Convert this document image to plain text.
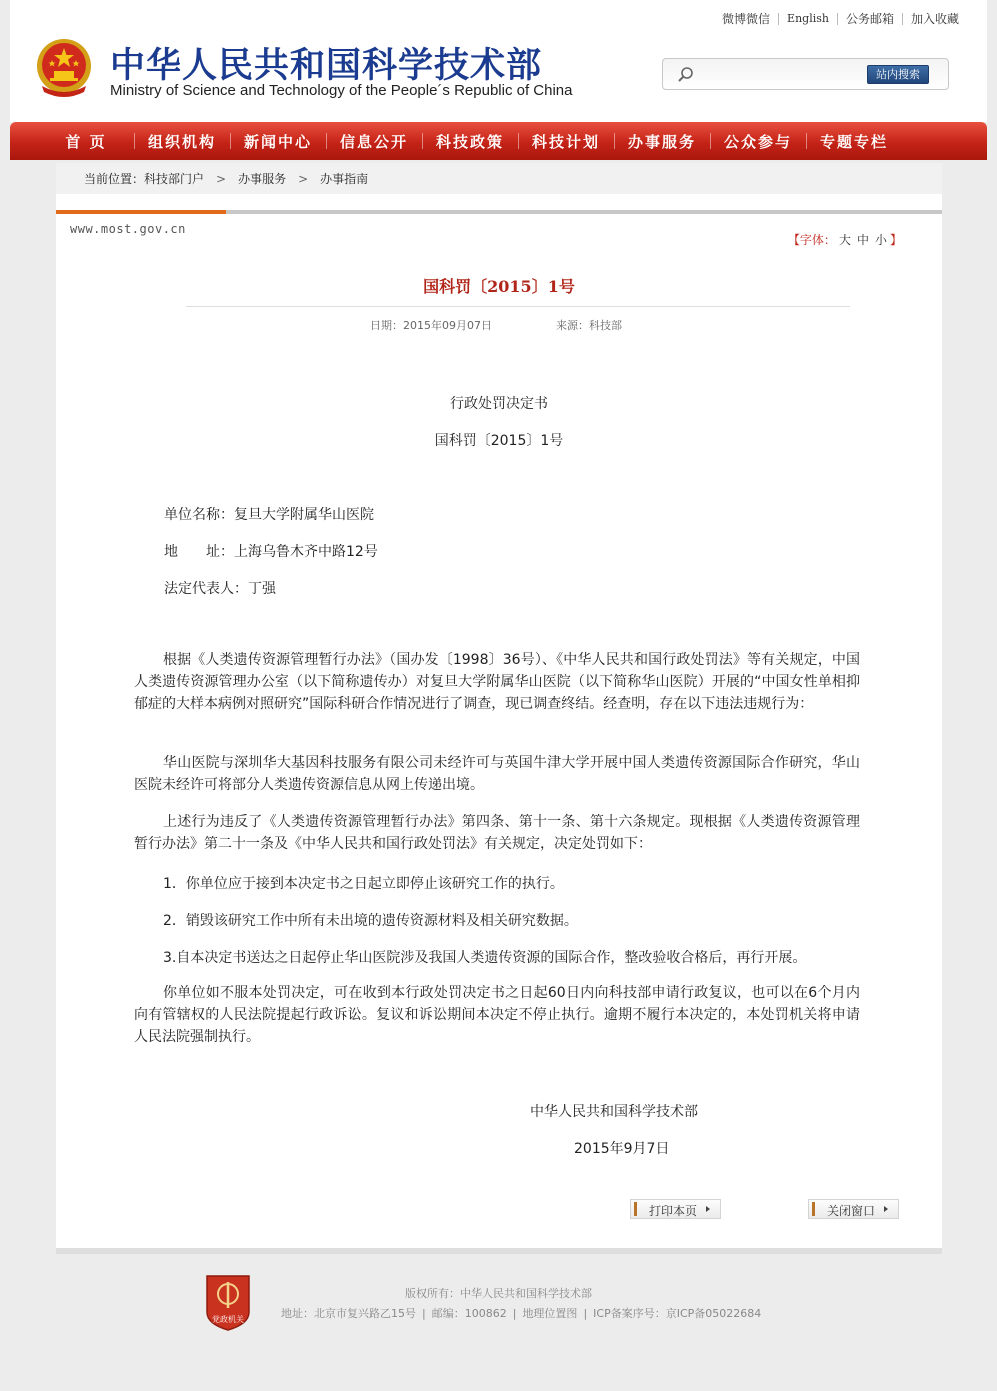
微博微信	English	公务邮箱	加入收藏
中华人民共和国科学技术部
Ministry of Science and Technology of the People´s Republic of China
站内搜索
首 页	组织机构	新闻中心	信息公开	科技政策	科技计划	办事服务	公众参与	专题专栏
当前位置： 科技部门户 > 办事服务 > 办事指南
www.most.gov.cn
【字体： 大 中 小 】
国科罚〔2015〕1号
日期：2015年09月07日	来源：科技部
行政处罚决定书
国科罚〔2015〕1号
单位名称：复旦大学附属华山医院
地　　址：上海乌鲁木齐中路12号
法定代表人：丁强

根据《人类遗传资源管理暂行办法》（国办发〔1998〕36号）、《中华人民共和国行政处罚法》等有关规定，中国人类遗传资源管理办公室（以下简称遗传办）对复旦大学附属华山医院（以下简称华山医院）开展的“中国女性单相抑郁症的大样本病例对照研究”国际科研合作情况进行了调查，现已调查终结。经查明，存在以下违法违规行为：

华山医院与深圳华大基因科技服务有限公司未经许可与英国牛津大学开展中国人类遗传资源国际合作研究，华山医院未经许可将部分人类遗传资源信息从网上传递出境。

上述行为违反了《人类遗传资源管理暂行办法》第四条、第十一条、第十六条规定。现根据《人类遗传资源管理暂行办法》第二十一条及《中华人民共和国行政处罚法》有关规定，决定处罚如下：

1．你单位应于接到本决定书之日起立即停止该研究工作的执行。

2．销毁该研究工作中所有未出境的遗传资源材料及相关研究数据。

3.自本决定书送达之日起停止华山医院涉及我国人类遗传资源的国际合作，整改验收合格后，再行开展。

你单位如不服本处罚决定，可在收到本行政处罚决定书之日起60日内向科技部申请行政复议，也可以在6个月内向有管辖权的人民法院提起行政诉讼。复议和诉讼期间本决定不停止执行。逾期不履行本决定的，本处罚机关将申请人民法院强制执行。

中华人民共和国科学技术部
2015年9月7日
打印本页	关闭窗口
党政机关
版权所有：中华人民共和国科学技术部
地址：北京市复兴路乙15号 | 邮编：100862 | 地理位置图 | ICP备案序号：京ICP备05022684
